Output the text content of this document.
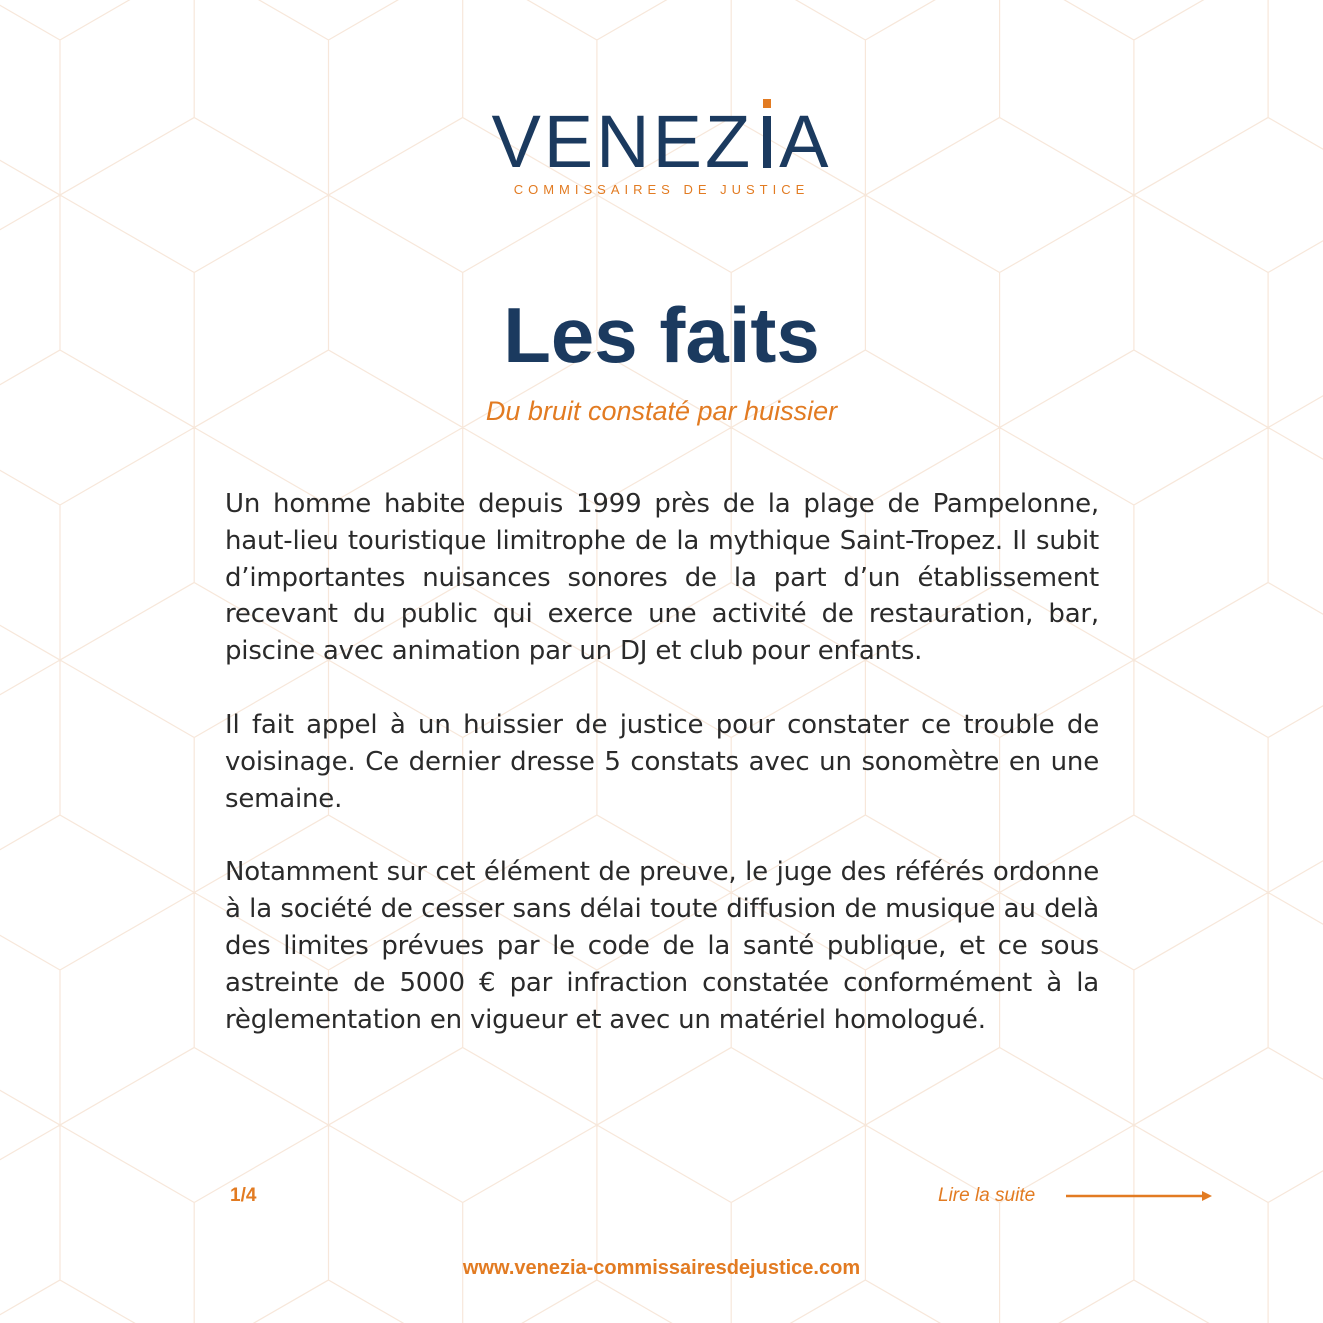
VENEZ A
COMMISSAIRES DE JUSTICE
Les faits
Du bruit constaté par huissier

Un homme habite depuis 1999 près de la plage de Pampelonne, haut-lieu touristique limitrophe de la mythique Saint-Tropez. Il subit d’importantes nuisances sonores de la part d’un établissement recevant du public qui exerce une activité de restauration, bar, piscine avec animation par un DJ et club pour enfants.

Il fait appel à un huissier de justice pour constater ce trouble de voisinage. Ce dernier dresse 5 constats avec un sonomètre en une semaine.

Notamment sur cet élément de preuve, le juge des référés ordonne à la société de cesser sans délai toute diffusion de musique au delà des limites prévues par le code de la santé publique, et ce sous astreinte de 5000 € par infraction constatée conformément à la règlementation en vigueur et avec un matériel homologué.

1/4	Lire la suite
www.venezia-commissairesdejustice.com
